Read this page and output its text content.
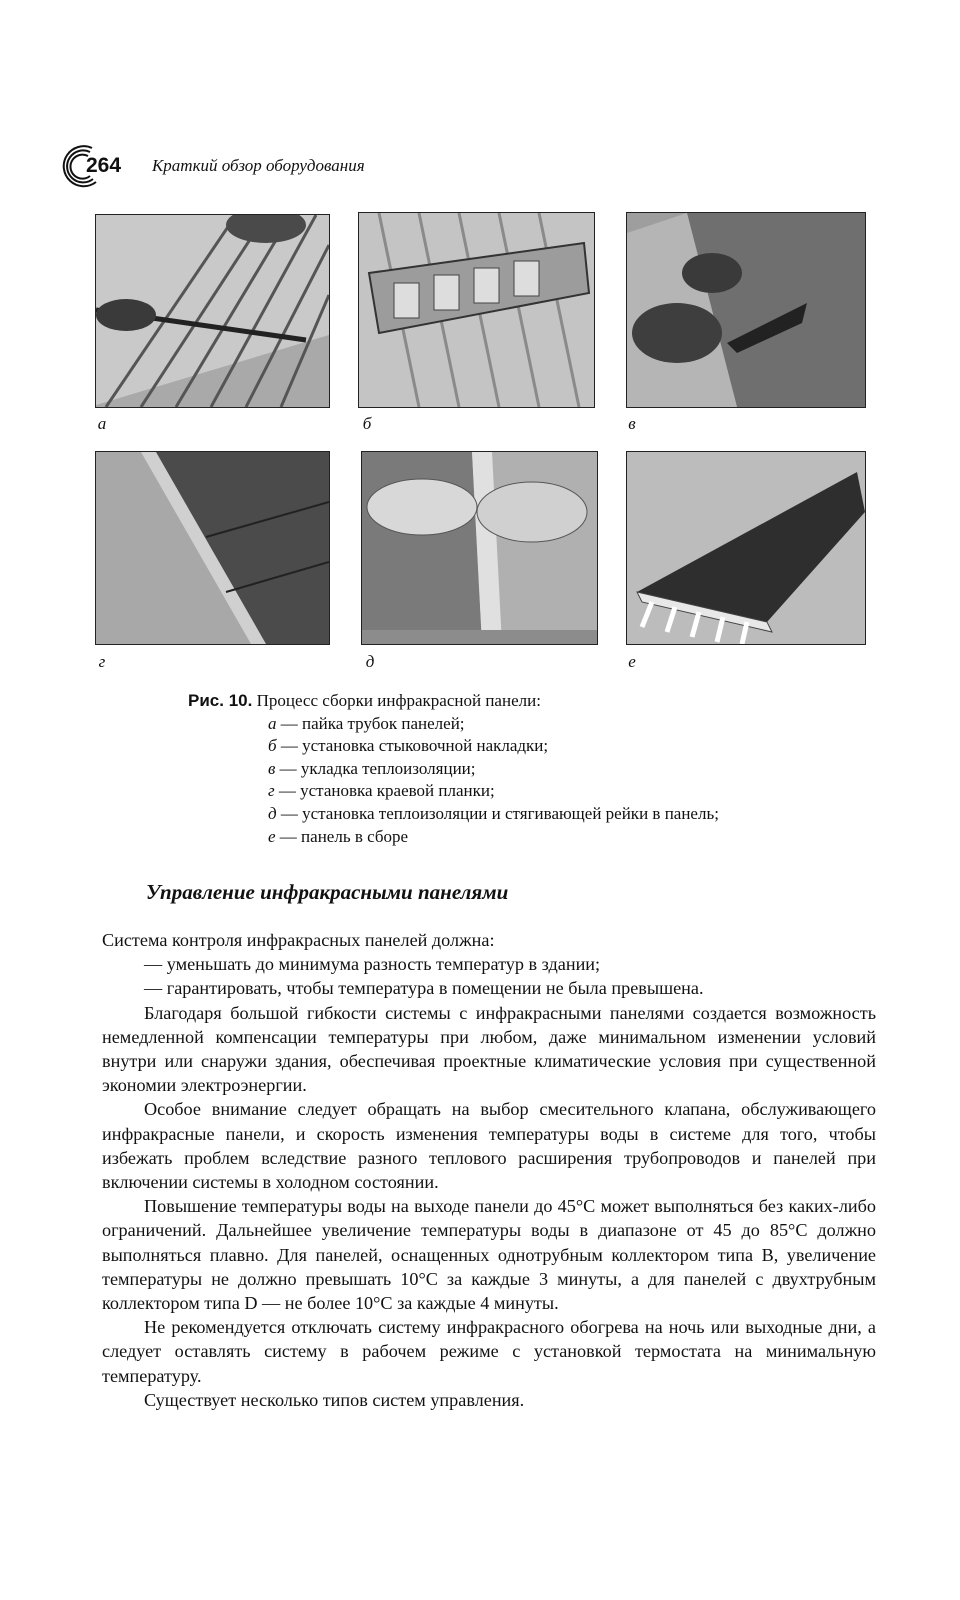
264 Краткий обзор оборудования
а	б	в
г	д	е

Рис. 10. Процесс сборки инфракрасной панели:

а — пайка трубок панелей;
б — установка стыковочной накладки;
в — укладка теплоизоляции;
г — установка краевой планки;
д — установка теплоизоляции и стягивающей рейки в панель;
е — панель в сборе
Управление инфракрасными панелями

Система контроля инфракрасных панелей должна:

— уменьшать до минимума разность температур в здании;

— гарантировать, чтобы температура в помещении не была превышена.

Благодаря большой гибкости системы с инфракрасными панелями создается возможность немедленной компенсации температуры при любом, даже минимальном изменении условий внутри или снаружи здания, обеспечивая проектные климатические условия при существенной экономии электроэнергии.

Особое внимание следует обращать на выбор смесительного клапана, обслуживающего инфракрасные панели, и скорость изменения температуры воды в системе для того, чтобы избежать проблем вследствие разного теплового расширения трубопроводов и панелей при включении системы в холодном состоянии.

Повышение температуры воды на выходе панели до 45°С может выполняться без каких-либо ограничений. Дальнейшее увеличение температуры воды в диапазоне от 45 до 85°С должно выполняться плавно. Для панелей, оснащенных однотрубным коллектором типа В, увеличение температуры не должно превышать 10°С за каждые 3 минуты, а для панелей с двухтрубным коллектором типа D — не более 10°С за каждые 4 минуты.

Не рекомендуется отключать систему инфракрасного обогрева на ночь или выходные дни, а следует оставлять систему в рабочем режиме с установкой термостата на минимальную температуру.

Существует несколько типов систем управления.
